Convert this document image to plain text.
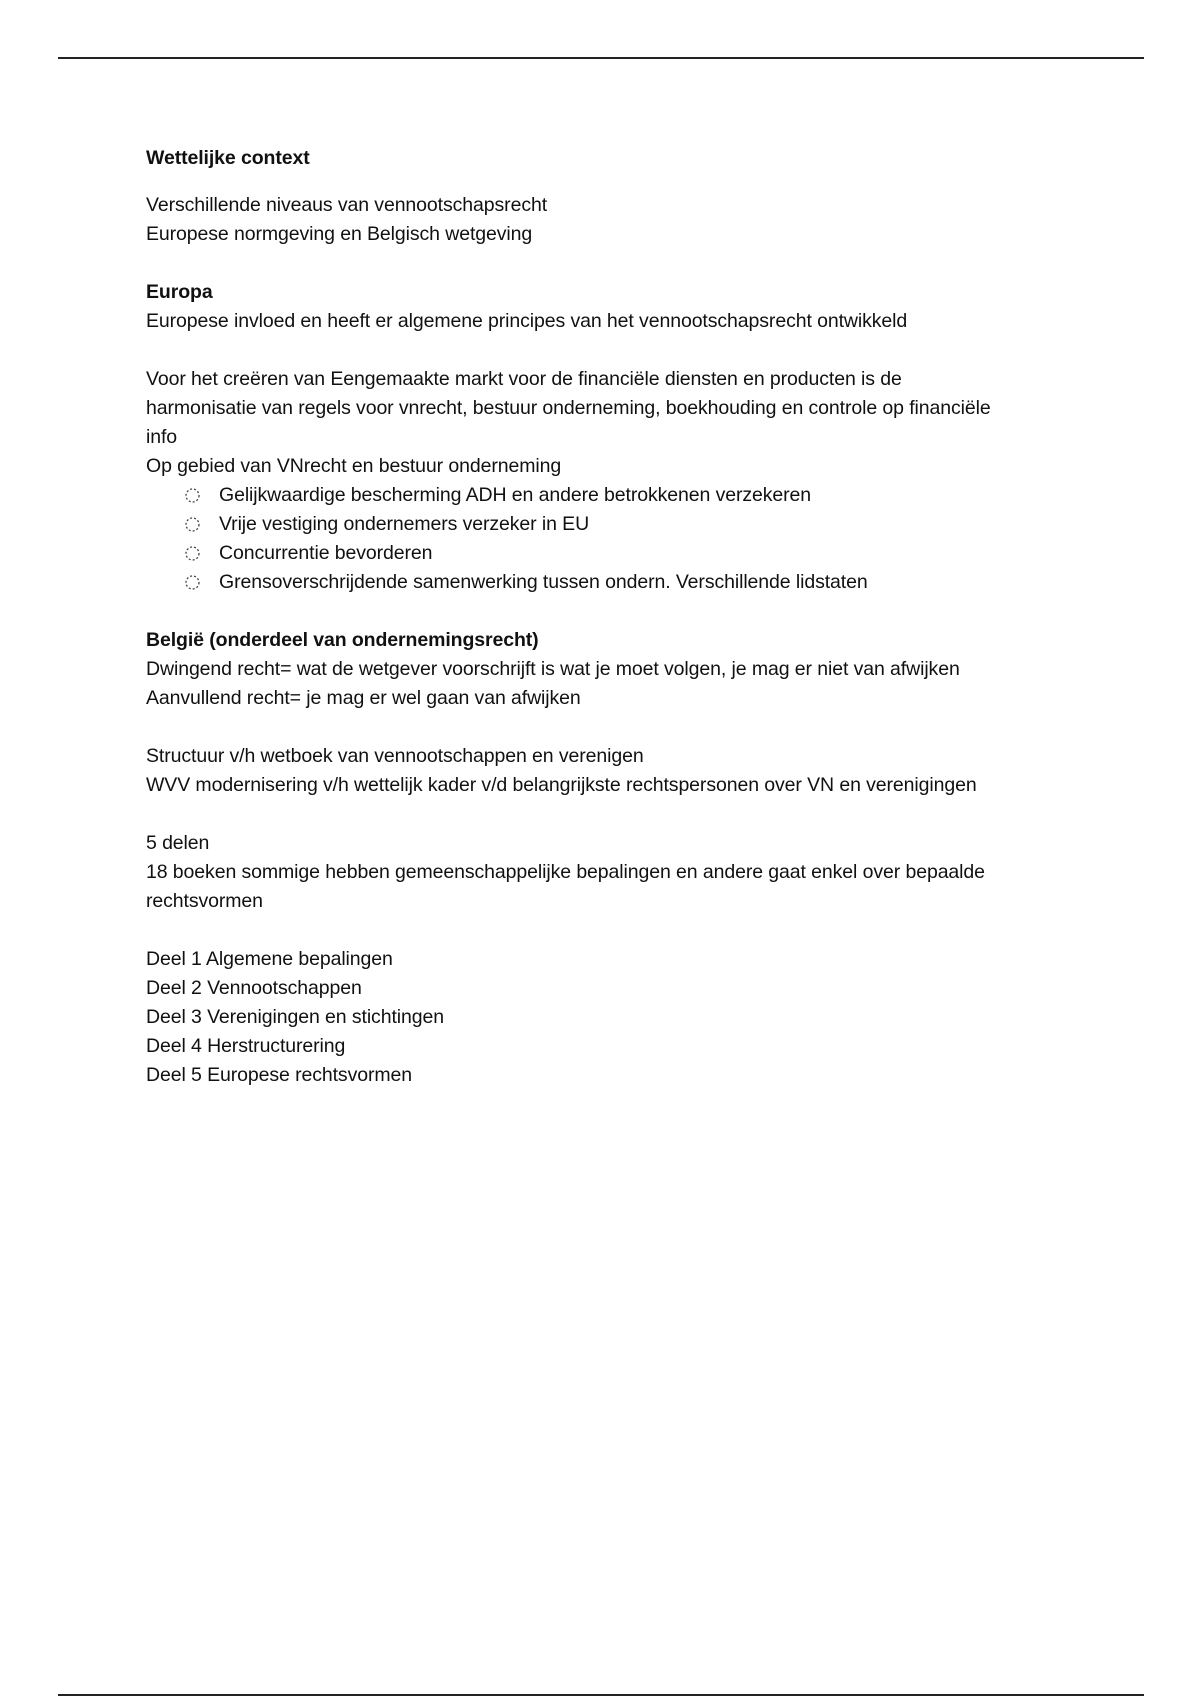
Wettelijke context

Verschillende niveaus van vennootschapsrecht

Europese normgeving en Belgisch wetgeving

Europa

Europese invloed en heeft er algemene principes van het vennootschapsrecht ontwikkeld

Voor het creëren van Eengemaakte markt voor de financiële diensten en producten is de

harmonisatie van regels voor vnrecht, bestuur onderneming, boekhouding en controle op financiële

info

Op gebied van VNrecht en bestuur onderneming

Gelijkwaardige bescherming ADH en andere betrokkenen verzekeren
Vrije vestiging ondernemers verzeker in EU
Concurrentie bevorderen
Grensoverschrijdende samenwerking tussen ondern. Verschillende lidstaten

België (onderdeel van ondernemingsrecht)

Dwingend recht= wat de wetgever voorschrijft is wat je moet volgen, je mag er niet van afwijken

Aanvullend recht= je mag er wel gaan van afwijken

Structuur v/h wetboek van vennootschappen en verenigen

WVV modernisering v/h wettelijk kader v/d belangrijkste rechtspersonen over VN en verenigingen

5 delen

18 boeken sommige hebben gemeenschappelijke bepalingen en andere gaat enkel over bepaalde

rechtsvormen

Deel 1 Algemene bepalingen

Deel 2 Vennootschappen

Deel 3 Verenigingen en stichtingen

Deel 4 Herstructurering

Deel 5 Europese rechtsvormen
